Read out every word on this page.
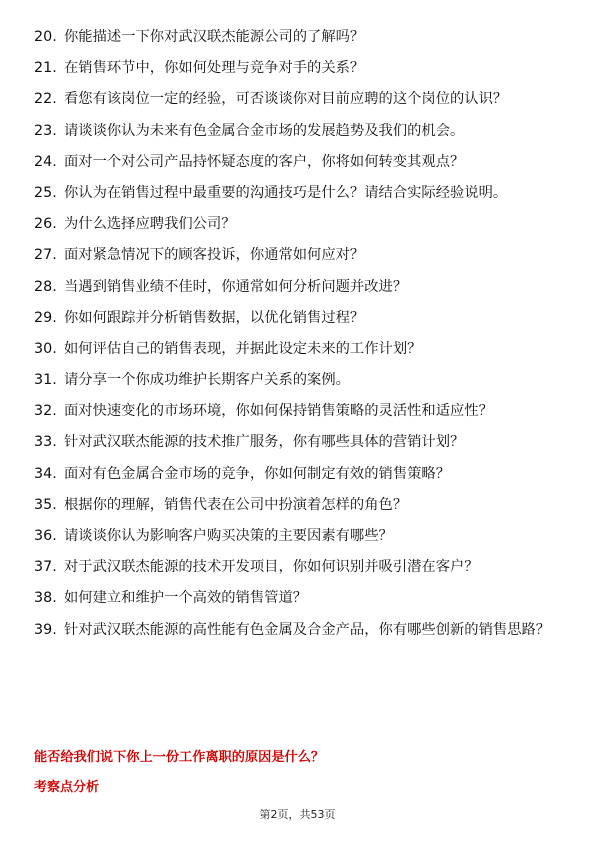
20. 你能描述一下你对武汉联杰能源公司的了解吗？
21. 在销售环节中，你如何处理与竞争对手的关系？
22. 看您有该岗位一定的经验，可否谈谈你对目前应聘的这个岗位的认识？
23. 请谈谈你认为未来有色金属合金市场的发展趋势及我们的机会。
24. 面对一个对公司产品持怀疑态度的客户，你将如何转变其观点？
25. 你认为在销售过程中最重要的沟通技巧是什么？请结合实际经验说明。
26. 为什么选择应聘我们公司？
27. 面对紧急情况下的顾客投诉，你通常如何应对？
28. 当遇到销售业绩不佳时，你通常如何分析问题并改进？
29. 你如何跟踪并分析销售数据，以优化销售过程？
30. 如何评估自己的销售表现，并据此设定未来的工作计划？
31. 请分享一个你成功维护长期客户关系的案例。
32. 面对快速变化的市场环境，你如何保持销售策略的灵活性和适应性？
33. 针对武汉联杰能源的技术推广服务，你有哪些具体的营销计划？
34. 面对有色金属合金市场的竞争，你如何制定有效的销售策略？
35. 根据你的理解，销售代表在公司中扮演着怎样的角色？
36. 请谈谈你认为影响客户购买决策的主要因素有哪些？
37. 对于武汉联杰能源的技术开发项目，你如何识别并吸引潜在客户？
38. 如何建立和维护一个高效的销售管道？
39. 针对武汉联杰能源的高性能有色金属及合金产品，你有哪些创新的销售思路？
能否给我们说下你上一份工作离职的原因是什么？
考察点分析
第2页，共53页
